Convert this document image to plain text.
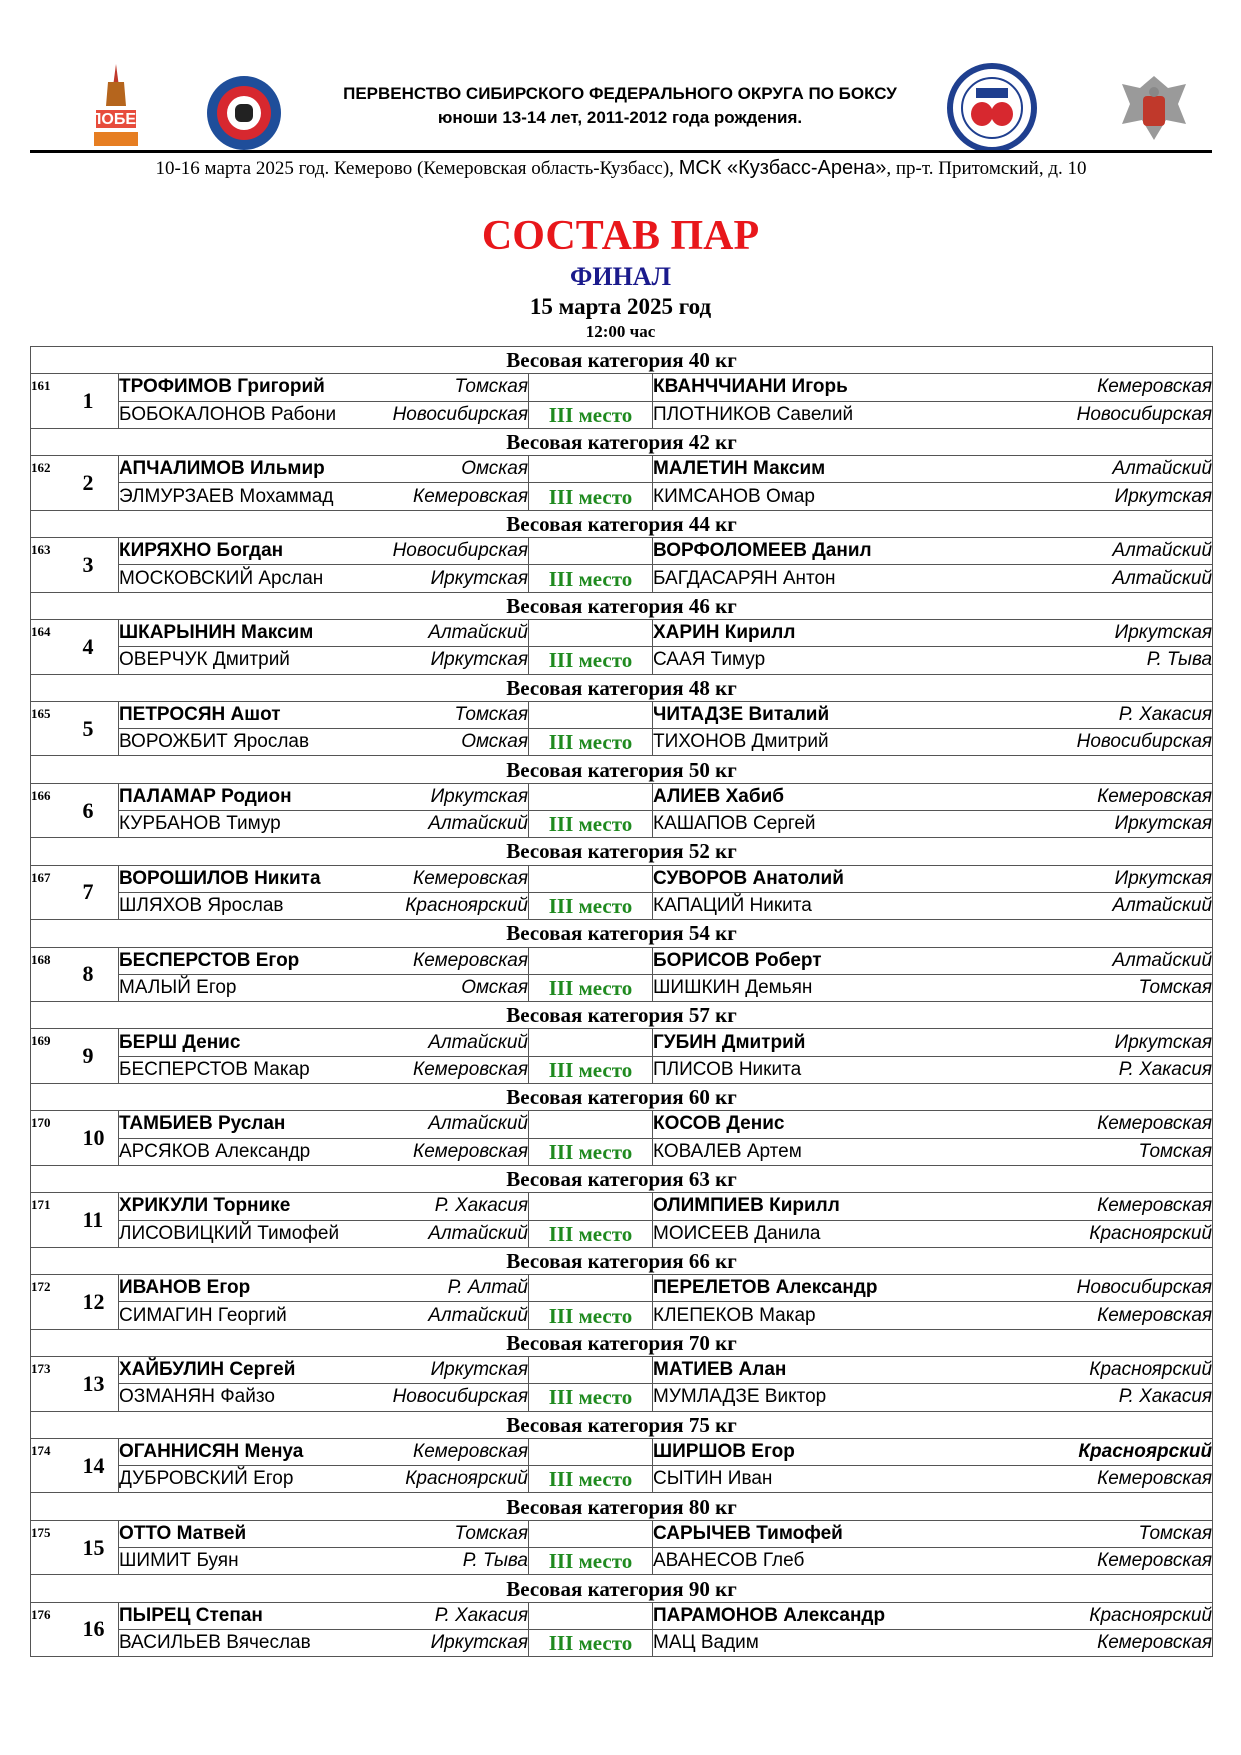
80 ПОБЕДА!
ПЕРВЕНСТВО СИБИРСКОГО ФЕДЕРАЛЬНОГО ОКРУГА ПО БОКСУ
юноши 13-14 лет, 2011-2012 года рождения.
10-16 марта 2025 год. Кемерово (Кемеровская область-Кузбасс), МСК «Кузбасс-Арена», пр-т. Притомский, д. 10
СОСТАВ ПАР
ФИНАЛ
15 марта 2025 год
12:00 час
Весовая категория 40 кг						
161	1	ТРОФИМОВ Григорий	Томская		КВАНЧЧИАНИ Игорь	Кемеровская
		БОБОКАЛОНОВ Рабони	Новосибирская	III место	ПЛОТНИКОВ Савелий	Новосибирская
Весовая категория 42 кг						
162	2	АПЧАЛИМОВ Ильмир	Омская		МАЛЕТИН Максим	Алтайский
		ЭЛМУРЗАЕВ Мохаммад	Кемеровская	III место	КИМСАНОВ Омар	Иркутская
Весовая категория 44 кг						
163	3	КИРЯХНО Богдан	Новосибирская		ВОРФОЛОМЕЕВ Данил	Алтайский
		МОСКОВСКИЙ Арслан	Иркутская	III место	БАГДАСАРЯН Антон	Алтайский
Весовая категория 46 кг						
164	4	ШКАРЫНИН Максим	Алтайский		ХАРИН Кирилл	Иркутская
		ОВЕРЧУК Дмитрий	Иркутская	III место	СААЯ Тимур	Р. Тыва
Весовая категория 48 кг						
165	5	ПЕТРОСЯН Ашот	Томская		ЧИТАДЗЕ Виталий	Р. Хакасия
		ВОРОЖБИТ Ярослав	Омская	III место	ТИХОНОВ Дмитрий	Новосибирская
Весовая категория 50 кг						
166	6	ПАЛАМАР Родион	Иркутская		АЛИЕВ Хабиб	Кемеровская
		КУРБАНОВ Тимур	Алтайский	III место	КАШАПОВ Сергей	Иркутская
Весовая категория 52 кг						
167	7	ВОРОШИЛОВ Никита	Кемеровская		СУВОРОВ Анатолий	Иркутская
		ШЛЯХОВ Ярослав	Красноярский	III место	КАПАЦИЙ Никита	Алтайский
Весовая категория 54 кг						
168	8	БЕСПЕРСТОВ Егор	Кемеровская		БОРИСОВ Роберт	Алтайский
		МАЛЫЙ Егор	Омская	III место	ШИШКИН Демьян	Томская
Весовая категория 57 кг						
169	9	БЕРШ Денис	Алтайский		ГУБИН Дмитрий	Иркутская
		БЕСПЕРСТОВ Макар	Кемеровская	III место	ПЛИСОВ Никита	Р. Хакасия
Весовая категория 60 кг						
170	10	ТАМБИЕВ Руслан	Алтайский		КОСОВ Денис	Кемеровская
		АРСЯКОВ Александр	Кемеровская	III место	КОВАЛЕВ Артем	Томская
Весовая категория 63 кг						
171	11	ХРИКУЛИ Торнике	Р. Хакасия		ОЛИМПИЕВ Кирилл	Кемеровская
		ЛИСОВИЦКИЙ Тимофей	Алтайский	III место	МОИСЕЕВ Данила	Красноярский
Весовая категория 66 кг						
172	12	ИВАНОВ Егор	Р. Алтай		ПЕРЕЛЕТОВ Александр	Новосибирская
		СИМАГИН Георгий	Алтайский	III место	КЛЕПЕКОВ Макар	Кемеровская
Весовая категория 70 кг						
173	13	ХАЙБУЛИН Сергей	Иркутская		МАТИЕВ Алан	Красноярский
		ОЗМАНЯН Файзо	Новосибирская	III место	МУМЛАДЗЕ Виктор	Р. Хакасия
Весовая категория 75 кг						
174	14	ОГАННИСЯН Менуа	Кемеровская		ШИРШОВ Егор	Красноярский
		ДУБРОВСКИЙ Егор	Красноярский	III место	СЫТИН Иван	Кемеровская
Весовая категория 80 кг						
175	15	ОТТО Матвей	Томская		САРЫЧЕВ Тимофей	Томская
		ШИМИТ Буян	Р. Тыва	III место	АВАНЕСОВ Глеб	Кемеровская
Весовая категория 90 кг						
176	16	ПЫРЕЦ Степан	Р. Хакасия		ПАРАМОНОВ Александр	Красноярский
		ВАСИЛЬЕВ Вячеслав	Иркутская	III место	МАЦ Вадим	Кемеровская
